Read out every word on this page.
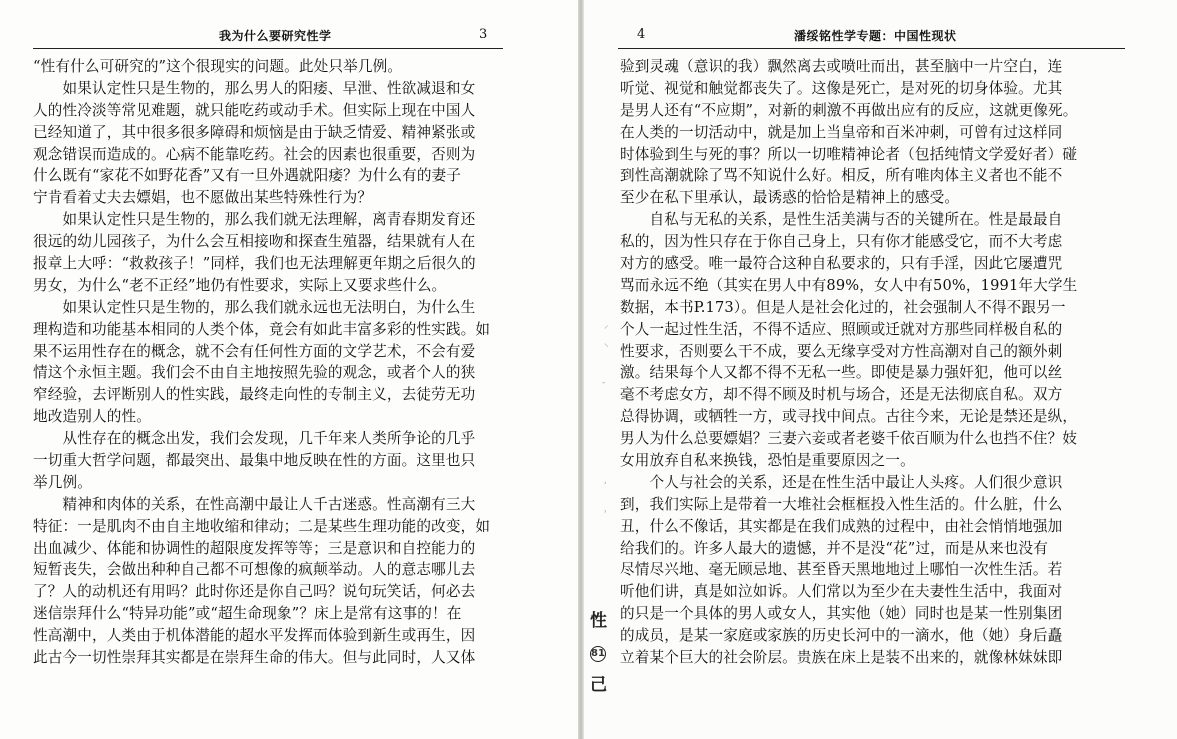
我为什么要研究性学	3
“性有什么可研究的”这个很现实的问题。此处只举几例。
　　如果认定性只是生物的，那么男人的阳痿、早泄、性欲减退和女
人的性冷淡等常见难题，就只能吃药或动手术。但实际上现在中国人
已经知道了，其中很多很多障碍和烦恼是由于缺乏情爱、精神紧张或
观念错误而造成的。心病不能靠吃药。社会的因素也很重要，否则为
什么既有“家花不如野花香”又有一旦外遇就阳痿？为什么有的妻子
宁肯看着丈夫去嫖娼，也不愿做出某些特殊性行为？
　　如果认定性只是生物的，那么我们就无法理解，离青春期发育还
很远的幼儿园孩子，为什么会互相接吻和探查生殖器，结果就有人在
报章上大呼：“救救孩子！”同样，我们也无法理解更年期之后很久的
男女，为什么“老不正经”地仍有性要求，实际上又要求些什么。
　　如果认定性只是生物的，那么我们就永远也无法明白，为什么生
理构造和功能基本相同的人类个体，竟会有如此丰富多彩的性实践。如
果不运用性存在的概念，就不会有任何性方面的文学艺术，不会有爱
情这个永恒主题。我们会不由自主地按照先验的观念，或者个人的狭
窄经验，去评断别人的性实践，最终走向性的专制主义，去徒劳无功
地改造别人的性。
　　从性存在的概念出发，我们会发现，几千年来人类所争论的几乎
一切重大哲学问题，都最突出、最集中地反映在性的方面。这里也只
举几例。
　　精神和肉体的关系，在性高潮中最让人千古迷惑。性高潮有三大
特征：一是肌肉不由自主地收缩和律动；二是某些生理功能的改变，如
出血减少、体能和协调性的超限度发挥等等；三是意识和自控能力的
短暂丧失，会做出种种自己都不可想像的疯颠举动。人的意志哪儿去
了？人的动机还有用吗？此时你还是你自己吗？说句玩笑话，何必去
迷信崇拜什么“特异功能”或“超生命现象”？床上是常有这事的！在
性高潮中，人类由于机体潜能的超水平发挥而体验到新生或再生，因
此古今一切性崇拜其实都是在崇拜生命的伟大。但与此同时，人又体
4	潘绥铭性学专题：中国性现状
验到灵魂（意识的我）飘然离去或喷吐而出，甚至脑中一片空白，连
听觉、视觉和触觉都丧失了。这像是死亡，是对死的切身体验。尤其
是男人还有“不应期”，对新的刺激不再做出应有的反应，这就更像死。
在人类的一切活动中，就是加上当皇帝和百米冲刺，可曾有过这样同
时体验到生与死的事？所以一切唯精神论者（包括纯情文学爱好者）碰
到性高潮就除了骂不知说什么好。相反，所有唯肉体主义者也不能不
至少在私下里承认，最诱惑的恰恰是精神上的感受。
　　自私与无私的关系，是性生活美满与否的关键所在。性是最最自
私的，因为性只存在于你自己身上，只有你才能感受它，而不大考虑
对方的感受。唯一最符合这种自私要求的，只有手淫，因此它屡遭咒
骂而永远不绝（其实在男人中有89%，女人中有50%，1991年大学生
数据，本书P.173）。但是人是社会化过的，社会强制人不得不跟另一
个人一起过性生活，不得不适应、照顾或迁就对方那些同样极自私的
性要求，否则要么干不成，要么无缘享受对方性高潮对自己的额外刺
激。结果每个人又都不得不无私一些。即使是暴力强奸犯，他可以丝
毫不考虑女方，却不得不顾及时机与场合，还是无法彻底自私。双方
总得协调，或牺牲一方，或寻找中间点。古往今来，无论是禁还是纵，
男人为什么总要嫖娼？三妻六妾或者老婆千依百顺为什么也挡不住？妓
女用放弃自私来换钱，恐怕是重要原因之一。
　　个人与社会的关系，还是在性生活中最让人头疼。人们很少意识
到，我们实际上是带着一大堆社会框框投入性生活的。什么脏，什么
丑，什么不像话，其实都是在我们成熟的过程中，由社会悄悄地强加
给我们的。许多人最大的遗憾，并不是没“花”过，而是从来也没有
尽情尽兴地、毫无顾忌地、甚至昏天黑地地过上哪怕一次性生活。若
听他们讲，真是如泣如诉。人们常以为至少在夫妻性生活中，我面对
的只是一个具体的男人或女人，其实他（她）同时也是某一性别集团
的成员，是某一家庭或家族的历史长河中的一滴水，他（她）身后矗
立着某个巨大的社会阶层。贵族在床上是装不出来的，就像林妹妹即
⸝
⸜
-
ʹ
ʾ
性
81
己
